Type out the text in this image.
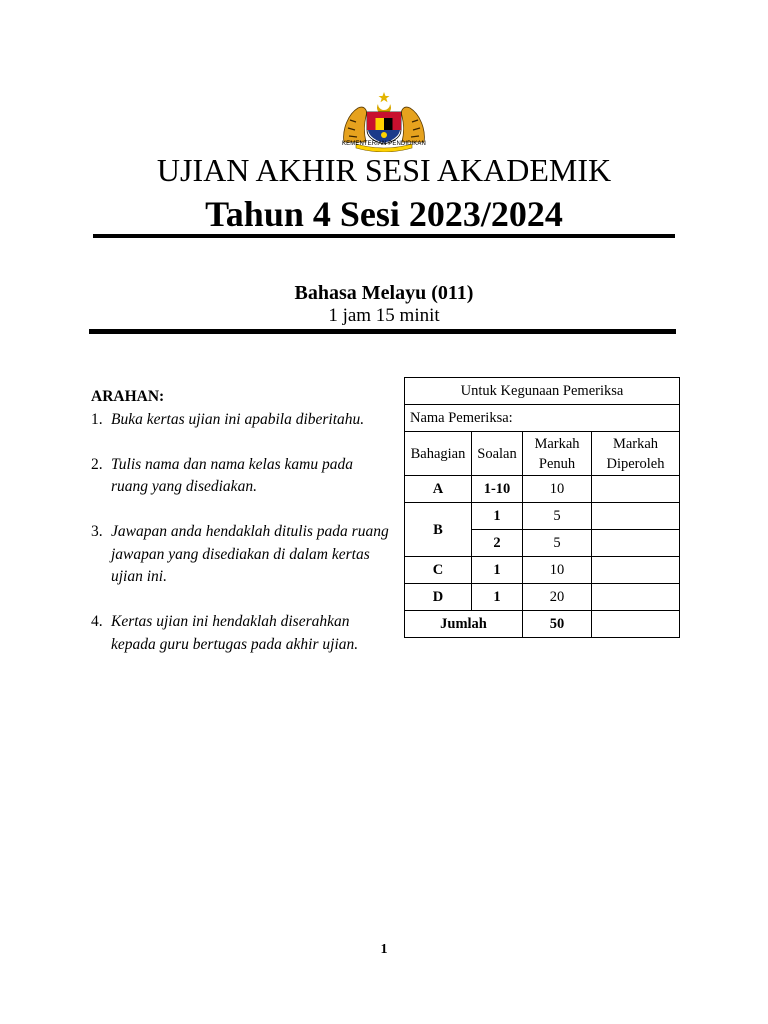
KEMENTERIAN PENDIDIKAN
UJIAN AKHIR SESI AKADEMIK
Tahun 4 Sesi 2023/2024
Bahasa Melayu (011)
1 jam 15 minit

ARAHAN:

1. Buka kertas ujian ini apabila diberitahu.
2. Tulis nama dan nama kelas kamu pada ruang yang disediakan.
3. Jawapan anda hendaklah ditulis pada ruang jawapan yang disediakan di dalam kertas ujian ini.
4. Kertas ujian ini hendaklah diserahkan kepada guru bertugas pada akhir ujian.
Untuk Kegunaan Pemeriksa			
Nama Pemeriksa:			
Bahagian	Soalan	Markah Penuh	Markah Diperoleh
A	1-10	10	
B	1	5	
	2	5	
C	1	10	
D	1	20	
Jumlah		50	
1
